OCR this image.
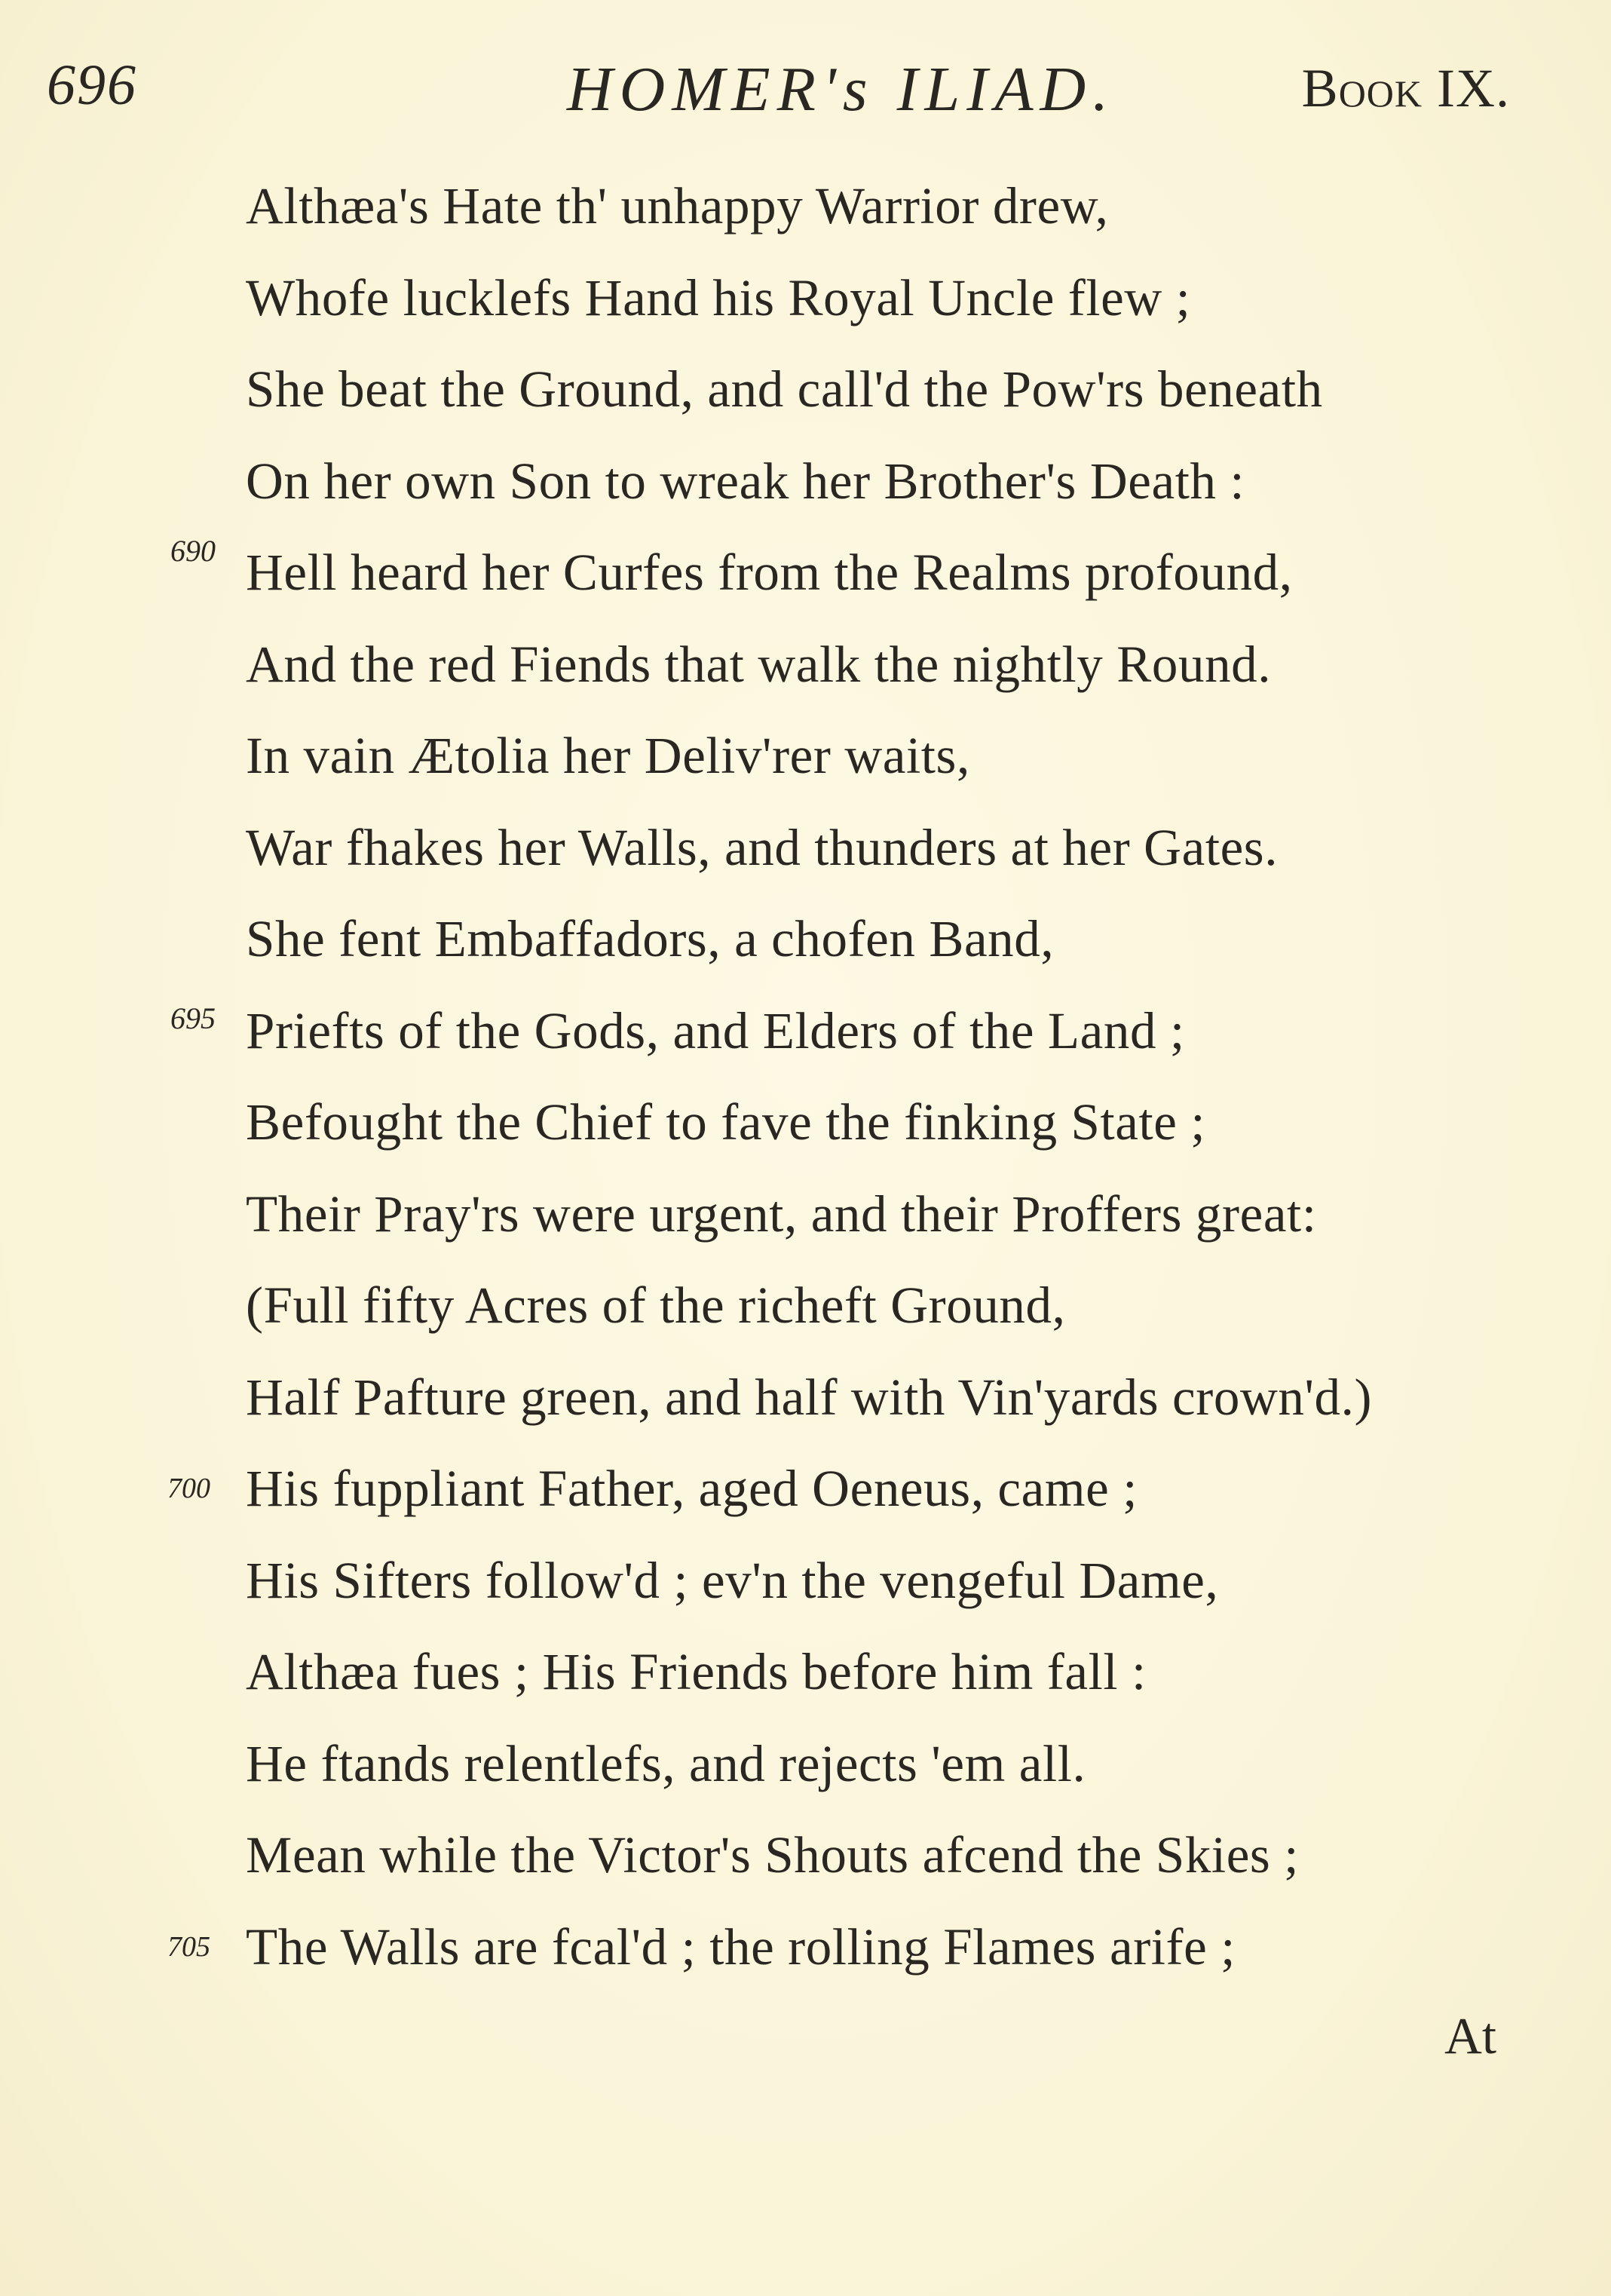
696	HOMER's ILIAD.	Book IX.
Althæa's Hate th' unhappy Warrior drew,
Whofe lucklefs Hand his Royal Uncle flew ;
She beat the Ground, and call'd the Pow'rs beneath
On her own Son to wreak her Brother's Death :
690 Hell heard her Curfes from the Realms profound,
And the red Fiends that walk the nightly Round.
In vain Ætolia her Deliv'rer waits,
War fhakes her Walls, and thunders at her Gates.
She fent Embaffadors, a chofen Band,
695 Priefts of the Gods, and Elders of the Land ;
Befought the Chief to fave the finking State ;
Their Pray'rs were urgent, and their Proffers great:
(Full fifty Acres of the richeft Ground,
Half Pafture green, and half with Vin'yards crown'd.)
700 His fuppliant Father, aged Oeneus, came ;
His Sifters follow'd ; ev'n the vengeful Dame,
Althæa fues ; His Friends before him fall :
He ftands relentlefs, and rejects 'em all.
Mean while the Victor's Shouts afcend the Skies ;
705 The Walls are fcal'd ; the rolling Flames arife ;
At
